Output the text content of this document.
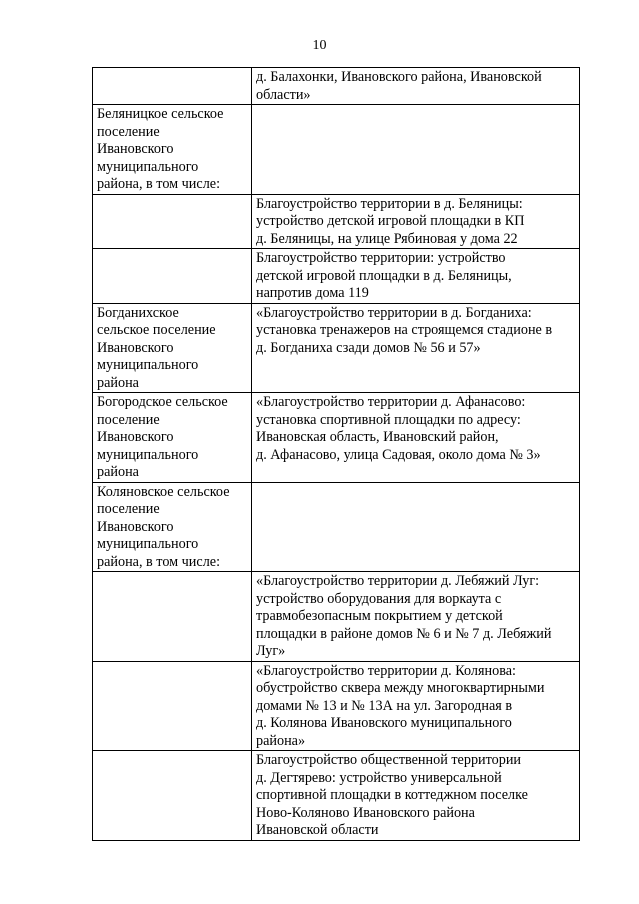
10

	д. Балахонки, Ивановского района, Ивановской
области»

Беляницкое сельское
поселение
Ивановского
муниципального
района, в том числе:	

	Благоустройство территории в д. Беляницы:
устройство детской игровой площадки в КП
д. Беляницы, на улице Рябиновая у дома 22

	Благоустройство территории: устройство
детской игровой площадки в д. Беляницы,
напротив дома 119

Богданихское
сельское поселение
Ивановского
муниципального
района	«Благоустройство территории в д. Богданиха:
установка тренажеров на строящемся стадионе в
д. Богданиха сзади домов № 56 и 57»

Богородское сельское
поселение
Ивановского
муниципального
района	«Благоустройство территории д. Афанасово:
установка спортивной площадки по адресу:
Ивановская область, Ивановский район,
д. Афанасово, улица Садовая, около дома № 3»

Коляновское сельское
поселение
Ивановского
муниципального
района, в том числе:	

	«Благоустройство территории д. Лебяжий Луг:
устройство оборудования для воркаута с
травмобезопасным покрытием у детской
площадки в районе домов № 6 и № 7 д. Лебяжий
Луг»

	«Благоустройство территории д. Колянова:
обустройство сквера между многоквартирными
домами № 13 и № 13А на ул. Загородная в
д. Колянова Ивановского муниципального
района»

	Благоустройство общественной территории
д. Дегтярево: устройство универсальной
спортивной площадки в коттеджном поселке
Ново-Коляново Ивановского района
Ивановской области
